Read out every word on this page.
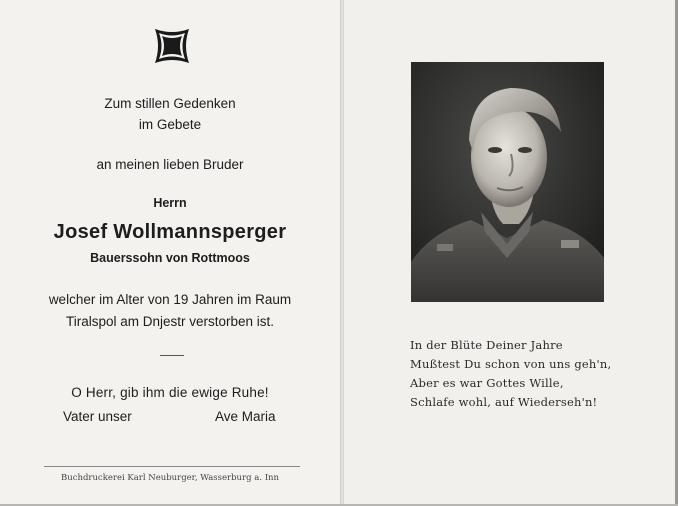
Zum stillen Gedenken
im Gebete
an meinen lieben Bruder
Herrn
Josef Wollmannsperger
Bauerssohn von Rottmoos
welcher im Alter von 19 Jahren im Raum
Tiralspol am Dnjestr verstorben ist.
O Herr, gib ihm die ewige Ruhe!
Vater unser	Ave Maria
Buchdruckerei Karl Neuburger, Wasserburg a. Inn
In der Blüte Deiner Jahre
Mußtest Du schon von uns geh'n,
Aber es war Gottes Wille,
Schlafe wohl, auf Wiederseh'n!
